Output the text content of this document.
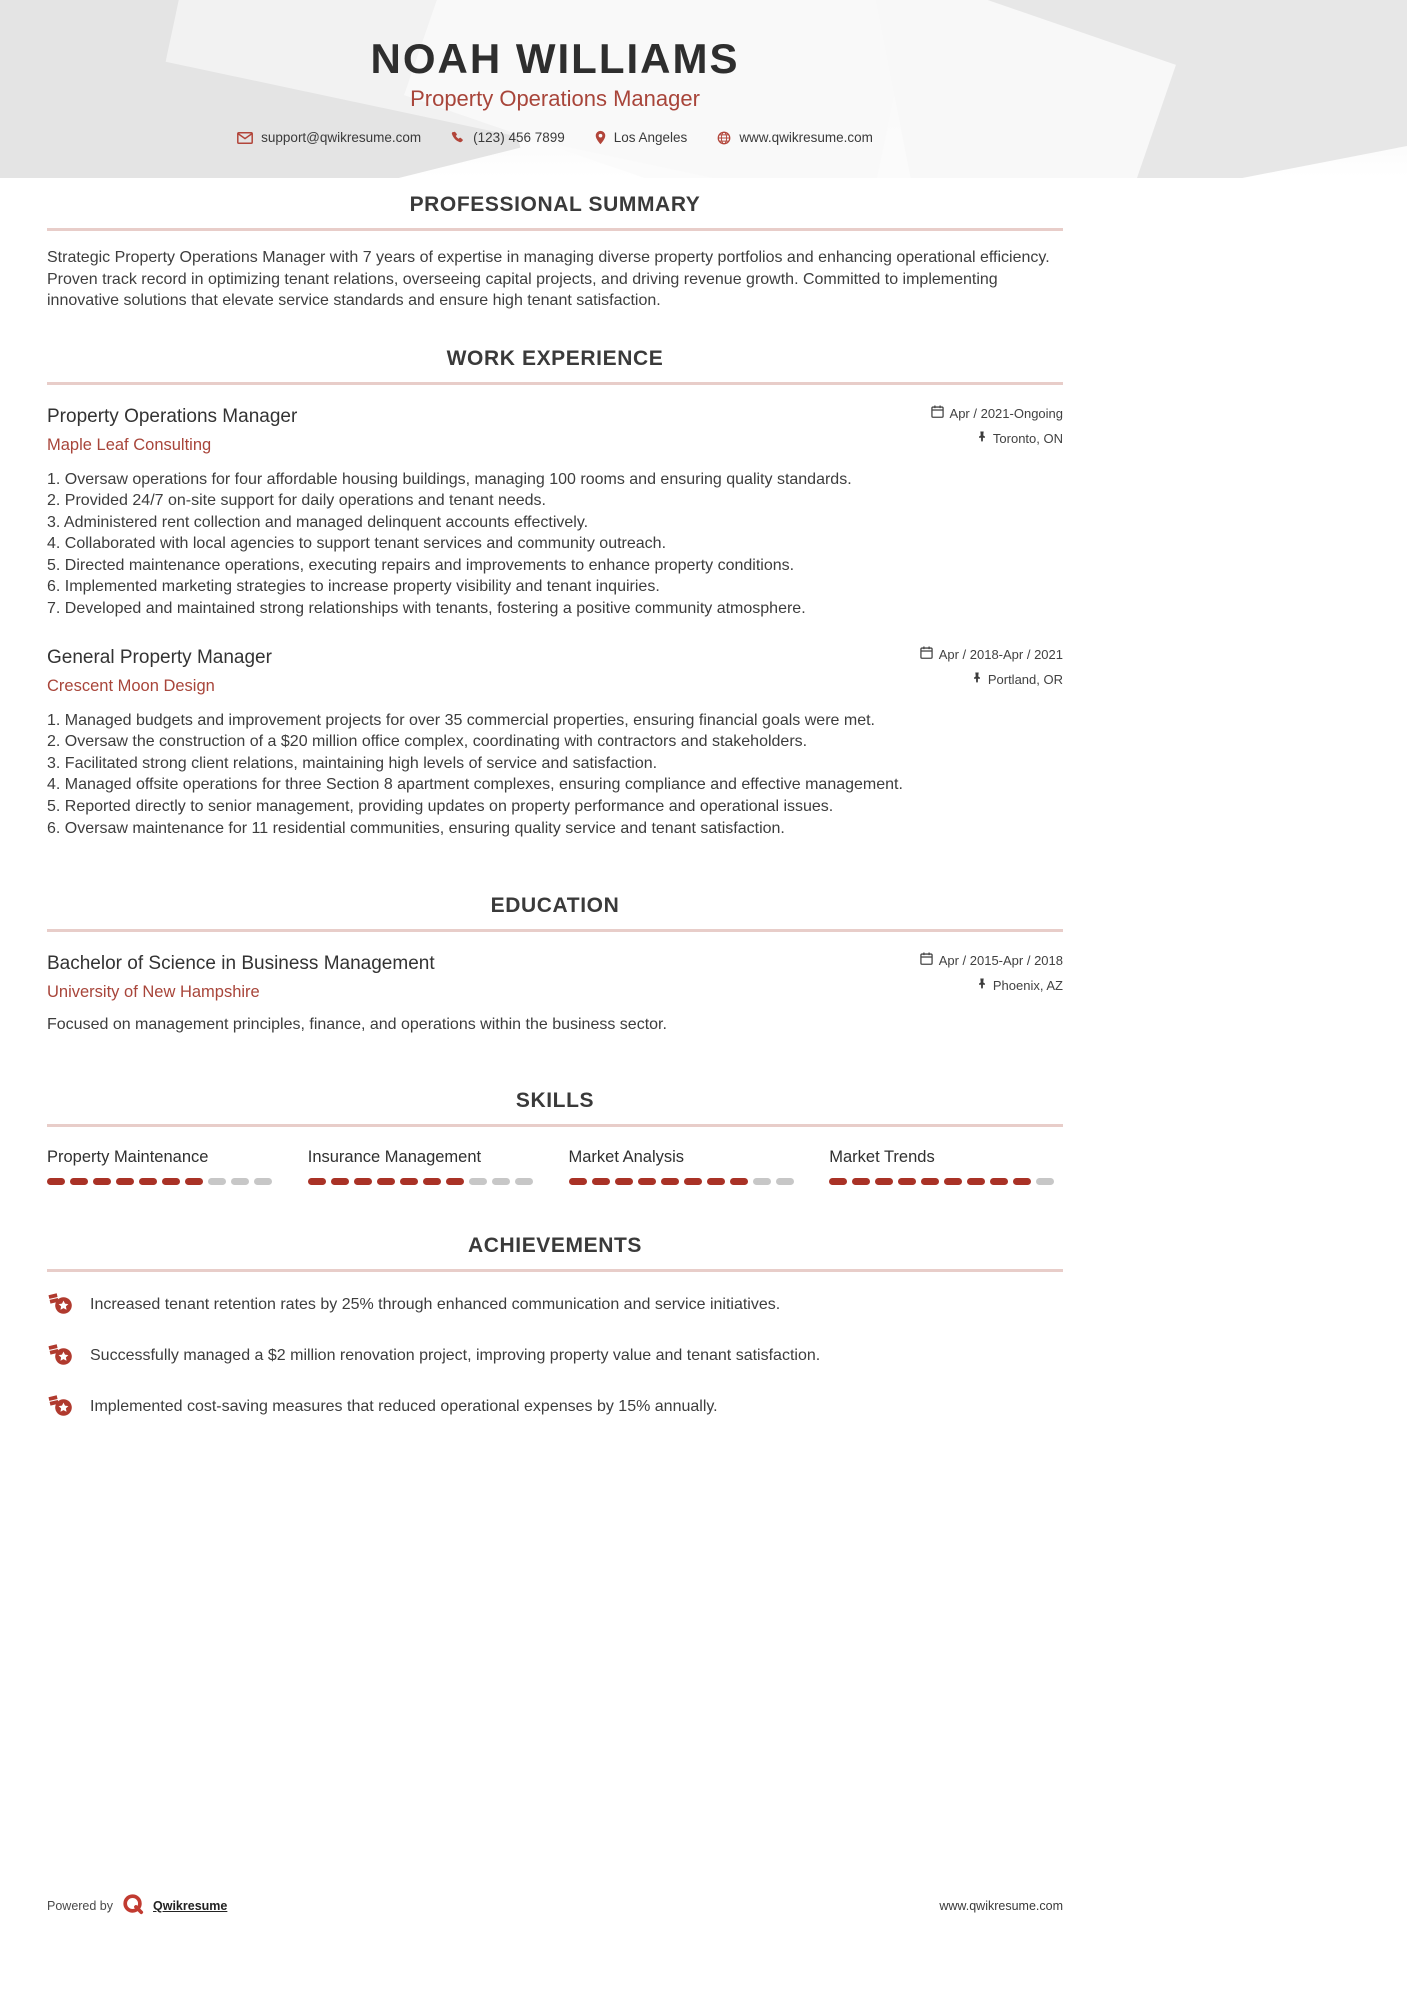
NOAH WILLIAMS
Property Operations Manager
support@qwikresume.com	(123) 456 7899	Los Angeles	www.qwikresume.com
PROFESSIONAL SUMMARY

Strategic Property Operations Manager with 7 years of expertise in managing diverse property portfolios and enhancing operational efficiency. Proven track record in optimizing tenant relations, overseeing capital projects, and driving revenue growth. Committed to implementing innovative solutions that elevate service standards and ensure high tenant satisfaction.

WORK EXPERIENCE
Property Operations Manager
Maple Leaf Consulting
Apr / 2021-Ongoing
Toronto, ON
Oversaw operations for four affordable housing buildings, managing 100 rooms and ensuring quality standards.
Provided 24/7 on-site support for daily operations and tenant needs.
Administered rent collection and managed delinquent accounts effectively.
Collaborated with local agencies to support tenant services and community outreach.
Directed maintenance operations, executing repairs and improvements to enhance property conditions.
Implemented marketing strategies to increase property visibility and tenant inquiries.
Developed and maintained strong relationships with tenants, fostering a positive community atmosphere.
General Property Manager
Crescent Moon Design
Apr / 2018-Apr / 2021
Portland, OR
Managed budgets and improvement projects for over 35 commercial properties, ensuring financial goals were met.
Oversaw the construction of a $20 million office complex, coordinating with contractors and stakeholders.
Facilitated strong client relations, maintaining high levels of service and satisfaction.
Managed offsite operations for three Section 8 apartment complexes, ensuring compliance and effective management.
Reported directly to senior management, providing updates on property performance and operational issues.
Oversaw maintenance for 11 residential communities, ensuring quality service and tenant satisfaction.
EDUCATION
Bachelor of Science in Business Management
University of New Hampshire
Apr / 2015-Apr / 2018
Phoenix, AZ

Focused on management principles, finance, and operations within the business sector.

SKILLS
Property Maintenance	Insurance Management	Market Analysis	Market Trends
ACHIEVEMENTS

Increased tenant retention rates by 25% through enhanced communication and service initiatives.

Successfully managed a $2 million renovation project, improving property value and tenant satisfaction.

Implemented cost-saving measures that reduced operational expenses by 15% annually.

Powered by	Qwikresume	www.qwikresume.com
